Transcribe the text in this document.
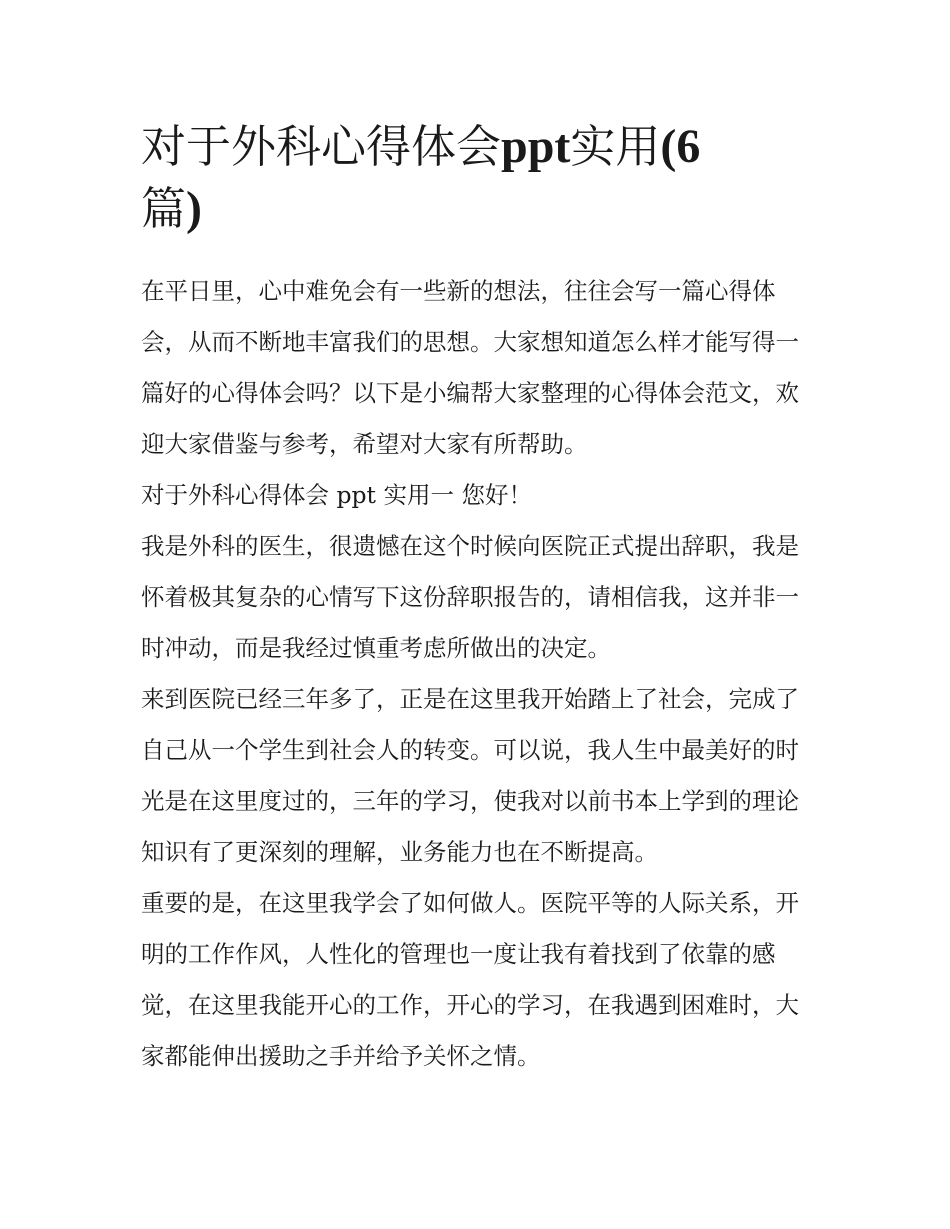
对于外科心得体会ppt实用(6
篇)

在平日里，心中难免会有一些新的想法，往往会写一篇心得体会，从而不断地丰富我们的思想。大家想知道怎么样才能写得一篇好的心得体会吗？以下是小编帮大家整理的心得体会范文，欢迎大家借鉴与参考，希望对大家有所帮助。

对于外科心得体会 ppt 实用一 您好！

我是外科的医生，很遗憾在这个时候向医院正式提出辞职，我是怀着极其复杂的心情写下这份辞职报告的，请相信我，这并非一时冲动，而是我经过慎重考虑所做出的决定。

来到医院已经三年多了，正是在这里我开始踏上了社会，完成了自己从一个学生到社会人的转变。可以说，我人生中最美好的时光是在这里度过的，三年的学习，使我对以前书本上学到的理论知识有了更深刻的理解，业务能力也在不断提高。

重要的是，在这里我学会了如何做人。医院平等的人际关系，开明的工作作风，人性化的管理也一度让我有着找到了依靠的感觉，在这里我能开心的工作，开心的学习，在我遇到困难时，大家都能伸出援助之手并给予关怀之情。
